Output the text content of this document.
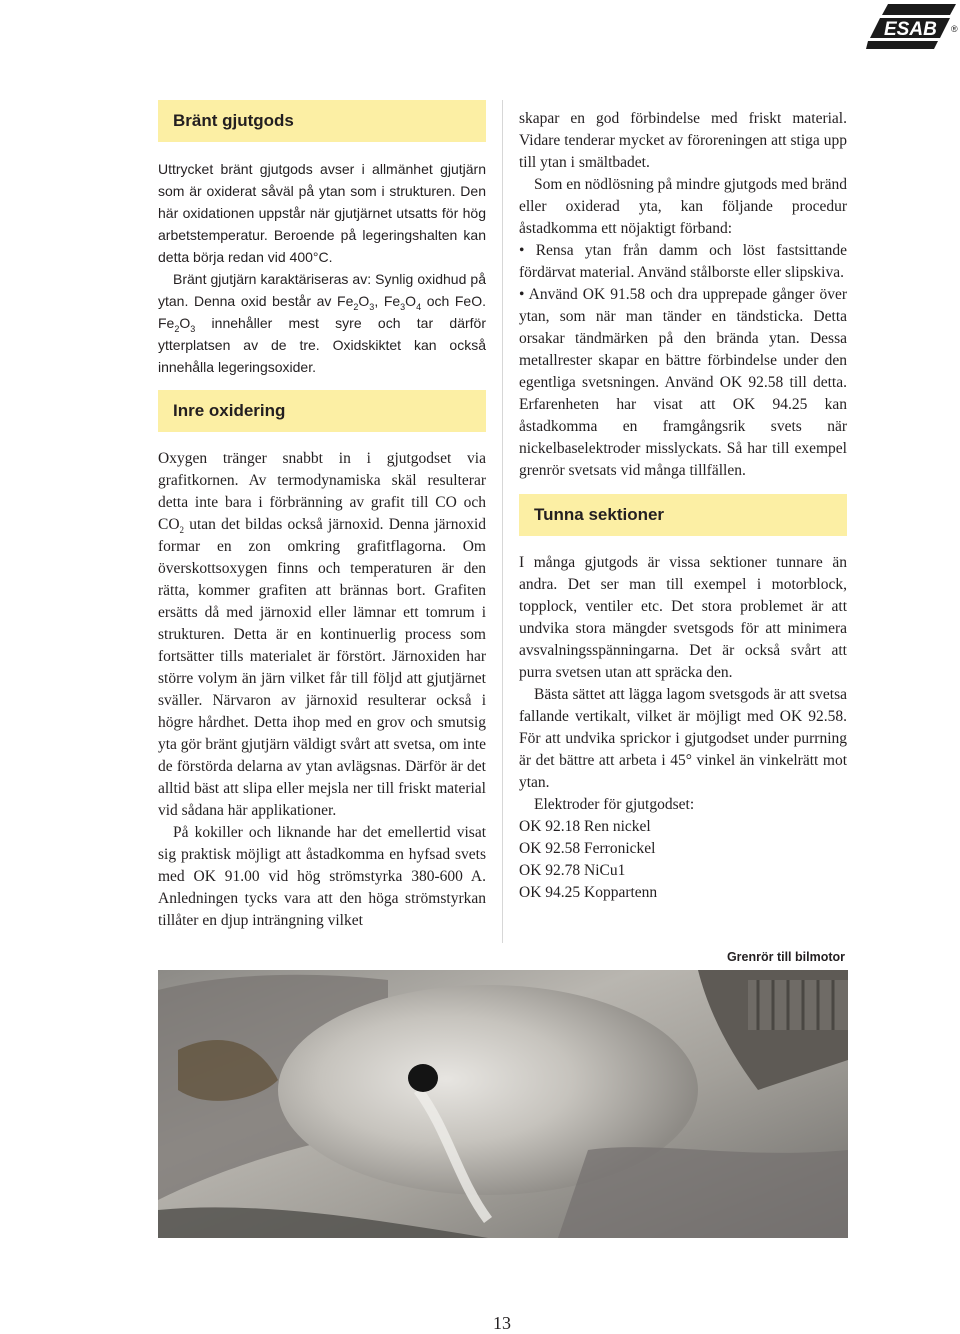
ESAB ®
Bränt gjutgods

Uttrycket bränt gjutgods avser i allmänhet gjutjärn som är oxiderat såväl på ytan som i strukturen. Den här oxidationen uppstår när gjutjärnet utsatts för hög arbetstemperatur. Beroende på legeringshalten kan detta börja redan vid 400°C.

Bränt gjutjärn karaktäriseras av: Synlig oxidhud på ytan. Denna oxid består av $Fe_2O_3$, $Fe_3O_4$ och FeO. $Fe_2O_3$ innehåller mest syre och tar därför ytterplatsen av de tre. Oxidskiktet kan också innehålla legeringsoxider.

Inre oxidering

Oxygen tränger snabbt in i gjutgodset via grafitkornen. Av termodynamiska skäl resulterar detta inte bara i förbränning av grafit till CO och $CO_2$ utan det bildas också järnoxid. Denna järnoxid formar en zon omkring grafitflagorna. Om överskottsoxygen finns och temperaturen är den rätta, kommer grafiten att brännas bort. Grafiten ersätts då med järnoxid eller lämnar ett tomrum i strukturen. Detta är en kontinuerlig process som fortsätter tills materialet är förstört. Järnoxiden har större volym än järn vilket får till följd att gjutjärnet sväller. Närvaron av järnoxid resulterar också i högre hårdhet. Detta ihop med en grov och smutsig yta gör bränt gjutjärn väldigt svårt att svetsa, om inte de förstörda delarna av ytan avlägsnas. Därför är det alltid bäst att slipa eller mejsla ner till friskt material vid sådana här applikationer.

På kokiller och liknande har det emellertid visat sig praktisk möjligt att åstadkomma en hyfsad svets med OK 91.00 vid hög strömstyrka 380-600 A. Anledningen tycks vara att den höga strömstyrkan tillåter en djup inträngning vilket

skapar en god förbindelse med friskt material. Vidare tenderar mycket av föroreningen att stiga upp till ytan i smältbadet.

Som en nödlösning på mindre gjutgods med bränd eller oxiderad yta, kan följande procedur åstadkomma ett nöjaktigt förband:

• Rensa ytan från damm och löst fastsittande fördärvat material. Använd stålborste eller slipskiva.

• Använd OK 91.58 och dra upprepade gånger över ytan, som när man tänder en tändsticka. Detta orsakar tändmärken på den brända ytan. Dessa metallrester skapar en bättre förbindelse under den egentliga svetsningen. Använd OK 92.58 till detta. Erfarenheten har visat att OK 94.25 kan åstadkomma en framgångsrik svets när nickelbaselektroder misslyckats. Så har till exempel grenrör svetsats vid många tillfällen.

Tunna sektioner

I många gjutgods är vissa sektioner tunnare än andra. Det ser man till exempel i motorblock, topplock, ventiler etc. Det stora problemet är att undvika stora mängder svetsgods för att minimera avsvalningsspänningarna. Det är också svårt att purra svetsen utan att spräcka den.

Bästa sättet att lägga lagom svetsgods är att svetsa fallande vertikalt, vilket är möjligt med OK 92.58. För att undvika sprickor i gjutgodset under purrning är det bättre att arbeta i 45° vinkel än vinkelrätt mot ytan.

Elektroder för gjutgodset:

OK 92.18 Ren nickel
OK 92.58 Ferronickel
OK 92.78 NiCu1
OK 94.25 Koppartenn
Grenrör till bilmotor
13
